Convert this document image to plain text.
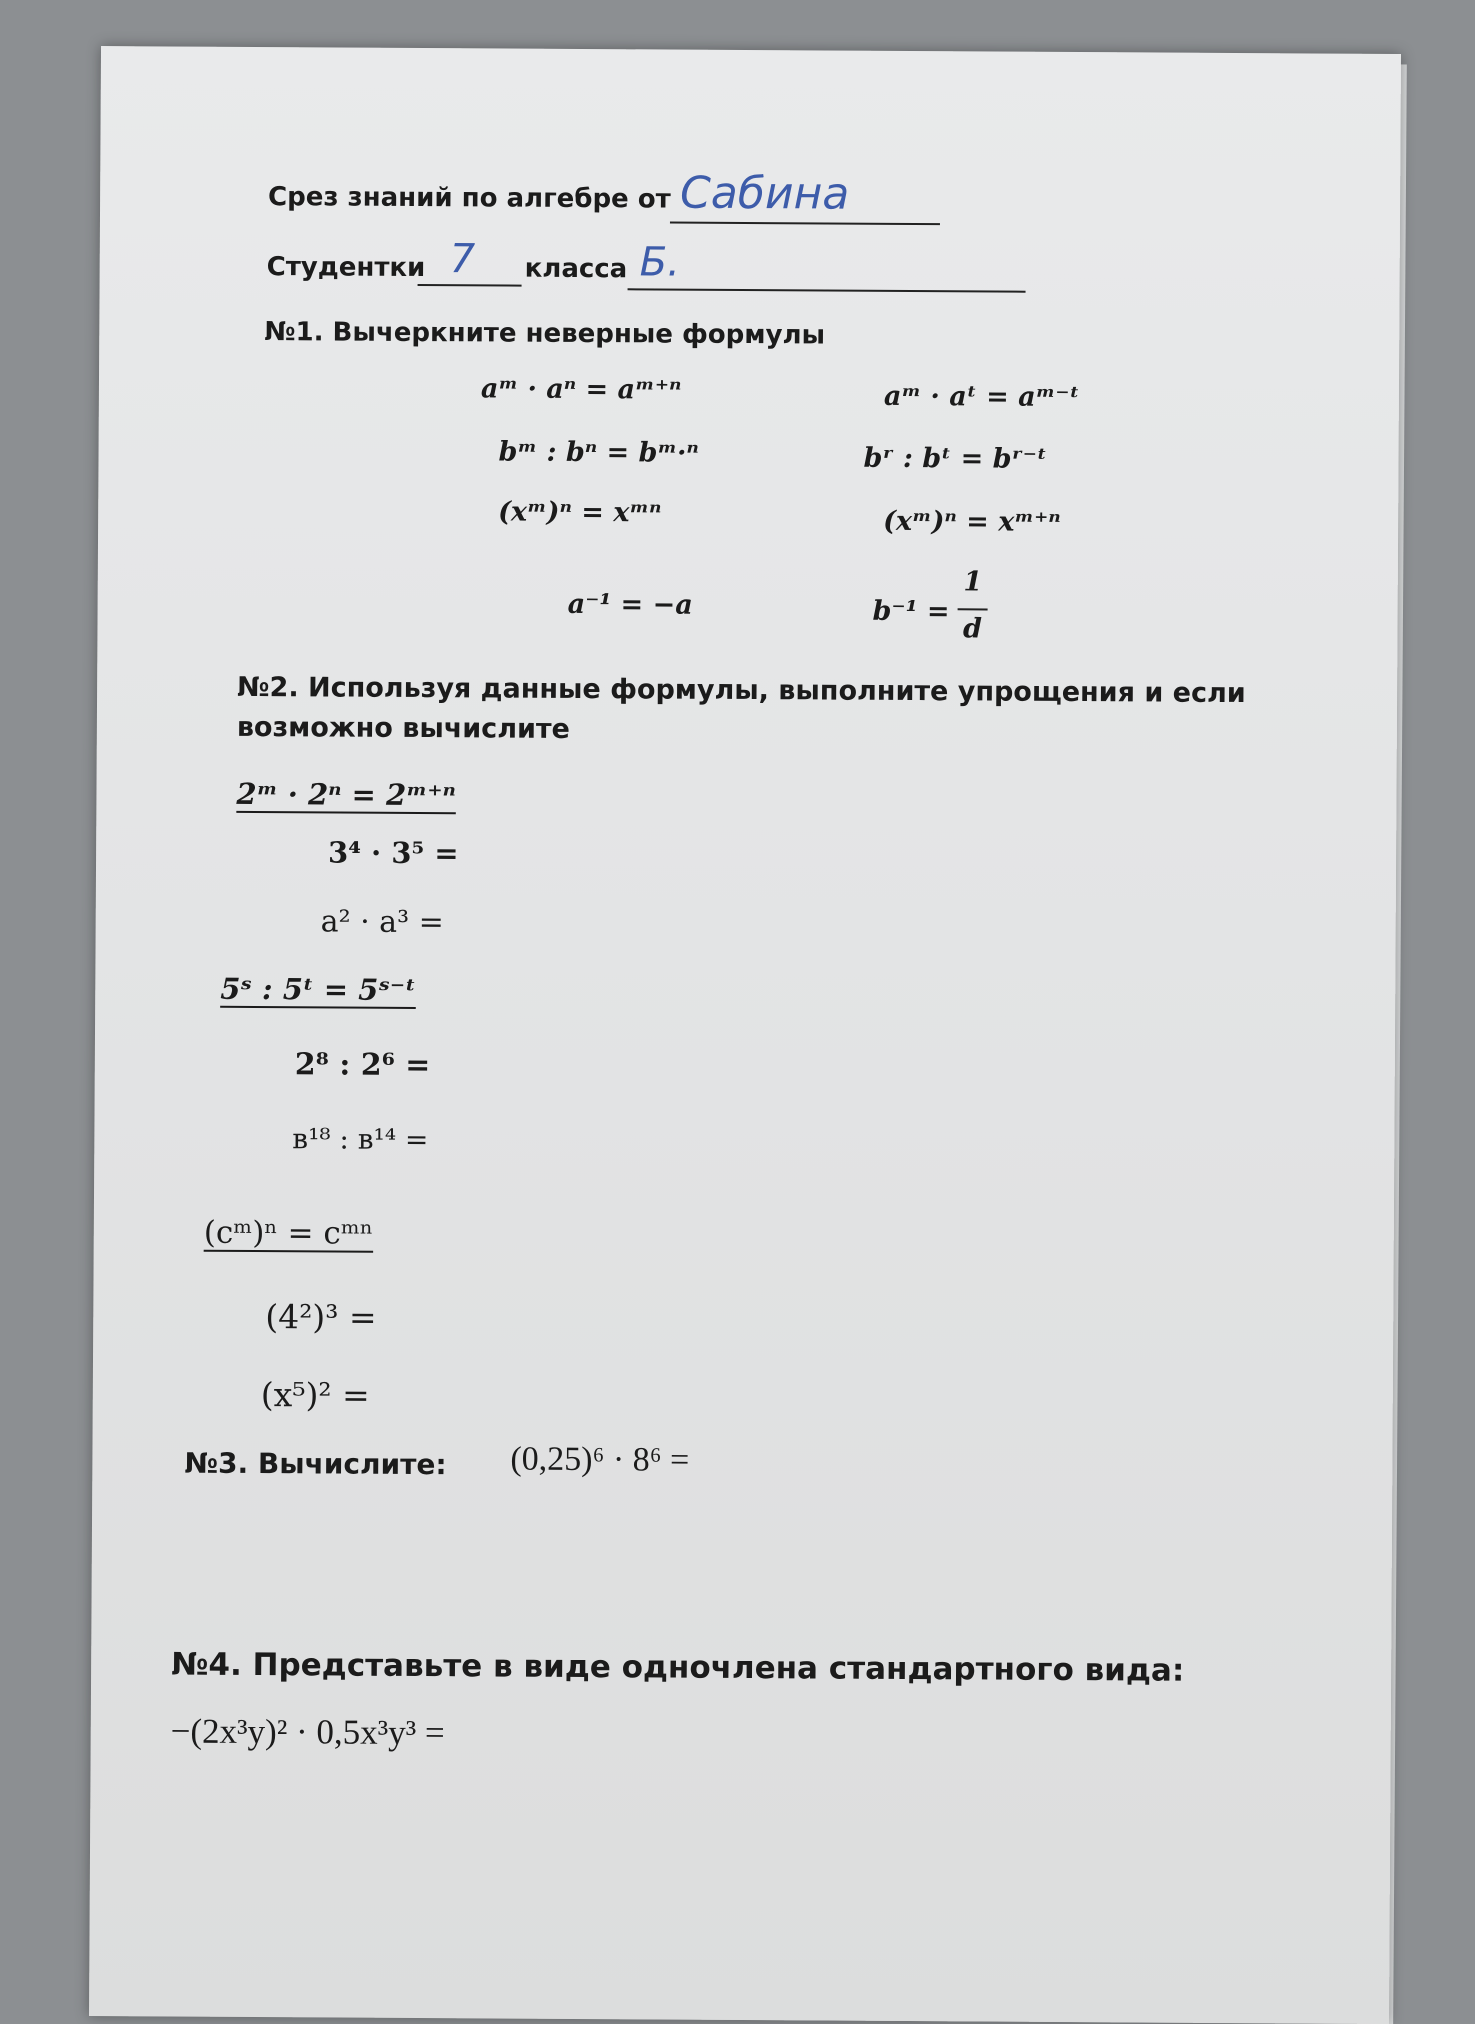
Срез знаний по алгебре от Сабина
Студентки 7 класса Б.
№1. Вычеркните неверные формулы
aᵐ · aⁿ = aᵐ⁺ⁿ	aᵐ · aᵗ = aᵐ⁻ᵗ
bᵐ : bⁿ = bᵐ·ⁿ	bʳ : bᵗ = bʳ⁻ᵗ
(xᵐ)ⁿ = xᵐⁿ	(xᵐ)ⁿ = xᵐ⁺ⁿ
a⁻¹ = −a	b⁻¹ =
1
d
№2. Используя данные формулы, выполните упрощения и если
возможно вычислите
2ᵐ · 2ⁿ = 2ᵐ⁺ⁿ
3⁴ · 3⁵ =
a² · a³ =
5ˢ : 5ᵗ = 5ˢ⁻ᵗ
2⁸ : 2⁶ =
в¹⁸ : в¹⁴ =
(cᵐ)ⁿ = cᵐⁿ
(4²)³ =
(x⁵)² =
№3. Вычислите: (0,25)⁶ · 8⁶ =
№4. Представьте в виде одночлена стандартного вида:
−(2x³y)² · 0,5x³y³ =
